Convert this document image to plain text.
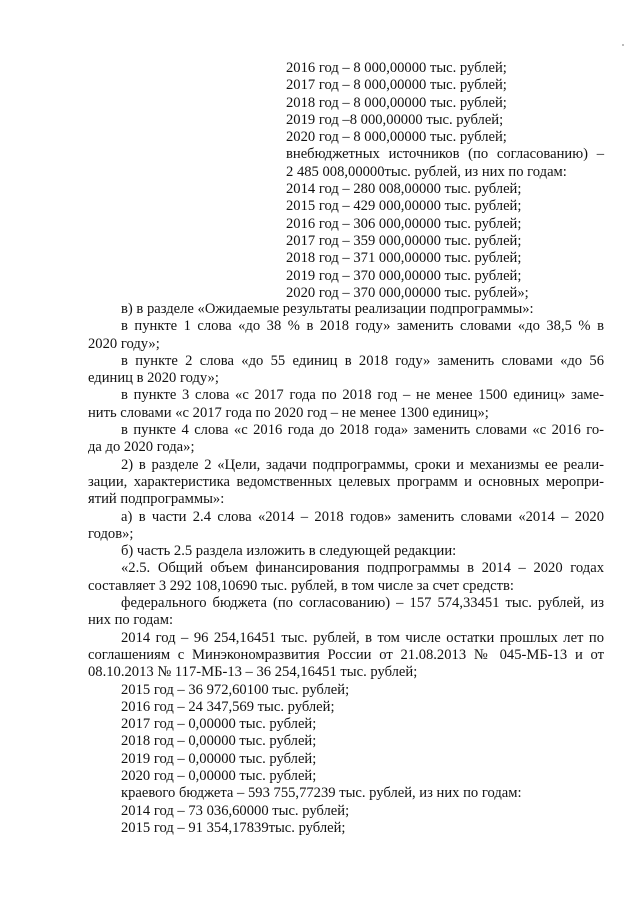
2016 год – 8 000,00000 тыс. рублей;
2017 год – 8 000,00000 тыс. рублей;
2018 год – 8 000,00000 тыс. рублей;
2019 год –8 000,00000 тыс. рублей;
2020 год – 8 000,00000 тыс. рублей;
внебюджетных источников (по согласованию) –
2 485 008,00000тыс. рублей, из них по годам:
2014 год – 280 008,00000 тыс. рублей;
2015 год – 429 000,00000 тыс. рублей;
2016 год – 306 000,00000 тыс. рублей;
2017 год – 359 000,00000 тыс. рублей;
2018 год – 371 000,00000 тыс. рублей;
2019 год – 370 000,00000 тыс. рублей;
2020 год – 370 000,00000 тыс. рублей»;
в) в разделе «Ожидаемые результаты реализации подпрограммы»:
в пункте 1 слова «до 38 % в 2018 году» заменить словами «до 38,5 % в
2020 году»;
в пункте 2 слова «до 55 единиц в 2018 году» заменить словами «до 56
единиц в 2020 году»;
в пункте 3 слова «с 2017 года по 2018 год – не менее 1500 единиц» заме-
нить словами «с 2017 года по 2020 год – не менее 1300 единиц»;
в пункте 4 слова «с 2016 года до 2018 года» заменить словами «с 2016 го-
да до 2020 года»;
2) в разделе 2 «Цели, задачи подпрограммы, сроки и механизмы ее реали-
зации, характеристика ведомственных целевых программ и основных меропри-
ятий подпрограммы»:
а) в части 2.4 слова «2014 – 2018 годов» заменить словами «2014 – 2020
годов»;
б) часть 2.5 раздела изложить в следующей редакции:
«2.5. Общий объем финансирования подпрограммы в 2014 – 2020 годах
составляет 3 292 108,10690 тыс. рублей, в том числе за счет средств:
федерального бюджета (по согласованию) – 157 574,33451 тыс. рублей, из
них по годам:
2014 год – 96 254,16451 тыс. рублей, в том числе остатки прошлых лет по
соглашениям с Минэкономразвития России от 21.08.2013 № 045-МБ-13 и от
08.10.2013 № 117-МБ-13 – 36 254,16451 тыс. рублей;
2015 год – 36 972,60100 тыс. рублей;
2016 год – 24 347,569 тыс. рублей;
2017 год – 0,00000 тыс. рублей;
2018 год – 0,00000 тыс. рублей;
2019 год – 0,00000 тыс. рублей;
2020 год – 0,00000 тыс. рублей;
краевого бюджета – 593 755,77239 тыс. рублей, из них по годам:
2014 год – 73 036,60000 тыс. рублей;
2015 год – 91 354,17839тыс. рублей;
